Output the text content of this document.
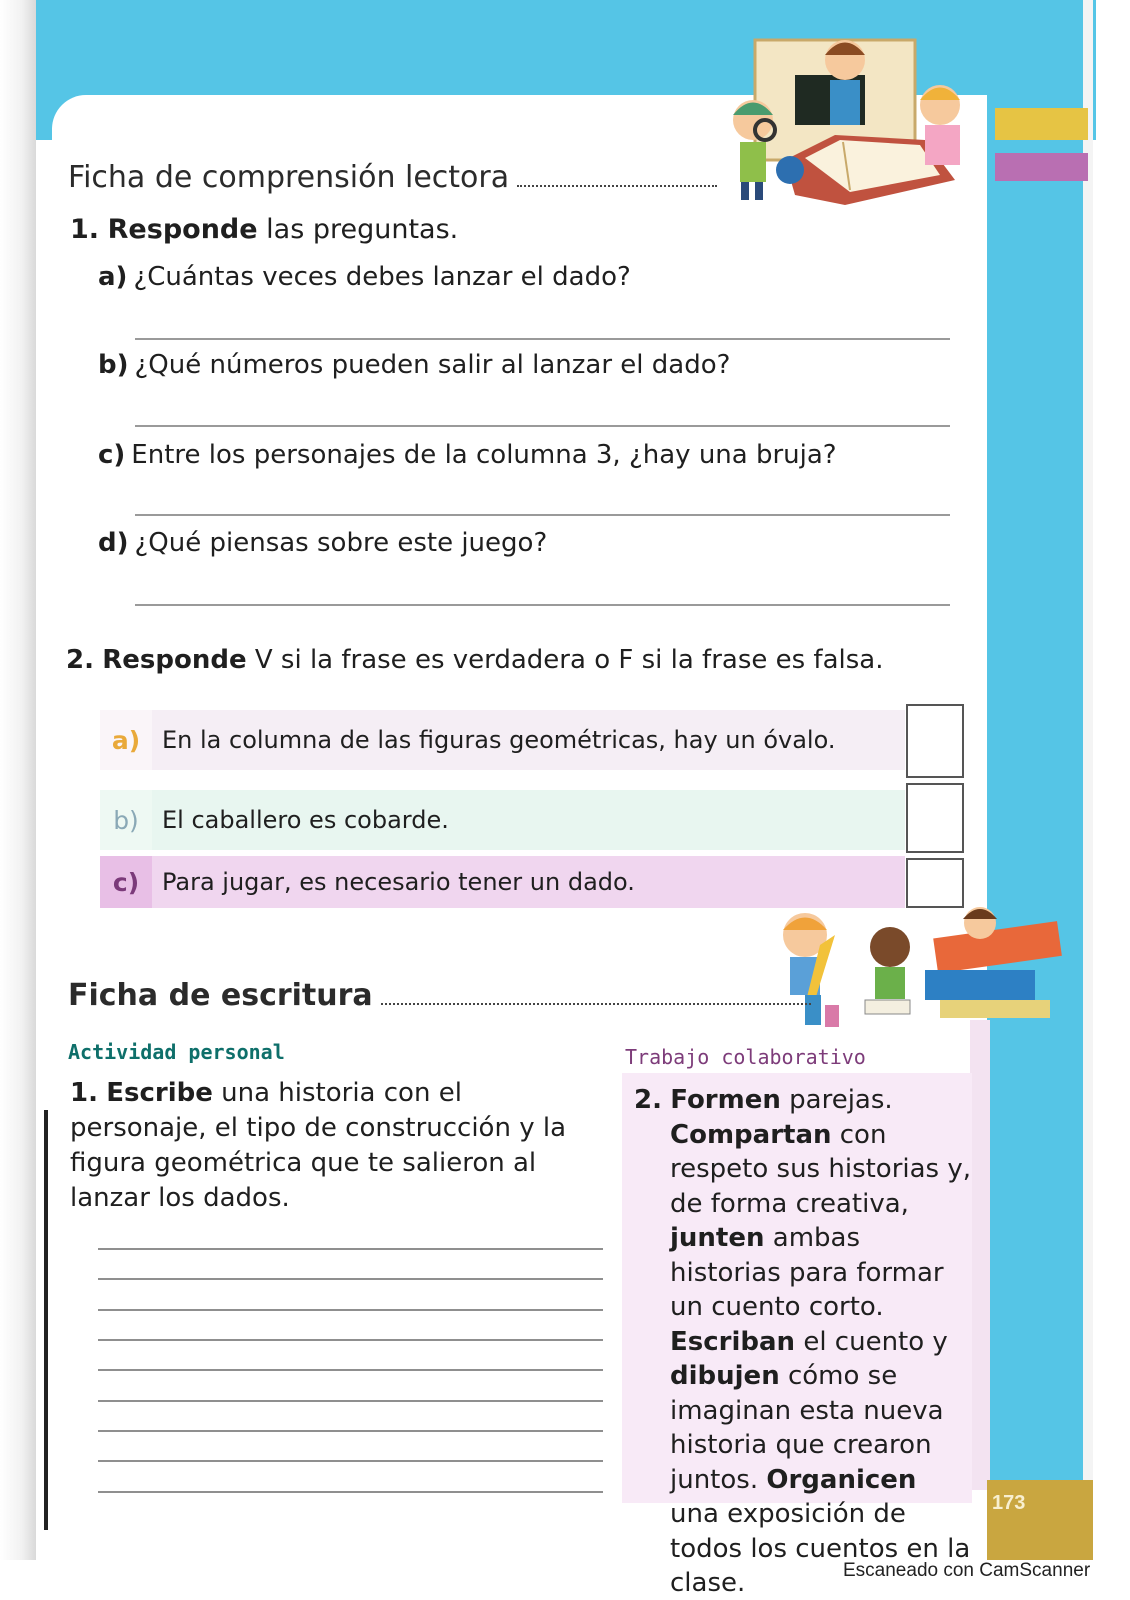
Ficha de comprensión lectora
1. Responde las preguntas.
a) ¿Cuántas veces debes lanzar el dado?
b) ¿Qué números pueden salir al lanzar el dado?
c) Entre los personajes de la columna 3, ¿hay una bruja?
d) ¿Qué piensas sobre este juego?
2. Responde V si la frase es verdadera o F si la frase es falsa.
a) En la columna de las figuras geométricas, hay un óvalo.
b) El caballero es cobarde.
c) Para jugar, es necesario tener un dado.
Ficha de escritura
Actividad personal	Trabajo colaborativo
1. Escribe una historia con el personaje, el tipo de construcción y la figura geométrica que te salieron al lanzar los dados.
2. Formen parejas.
Compartan con respeto sus historias y, de forma creativa, junten ambas historias para formar un cuento corto. Escriban el cuento y dibujen cómo se imaginan esta nueva historia que crearon juntos. Organicen una exposición de todos los cuentos en la clase.
173
Escaneado con CamScanner
